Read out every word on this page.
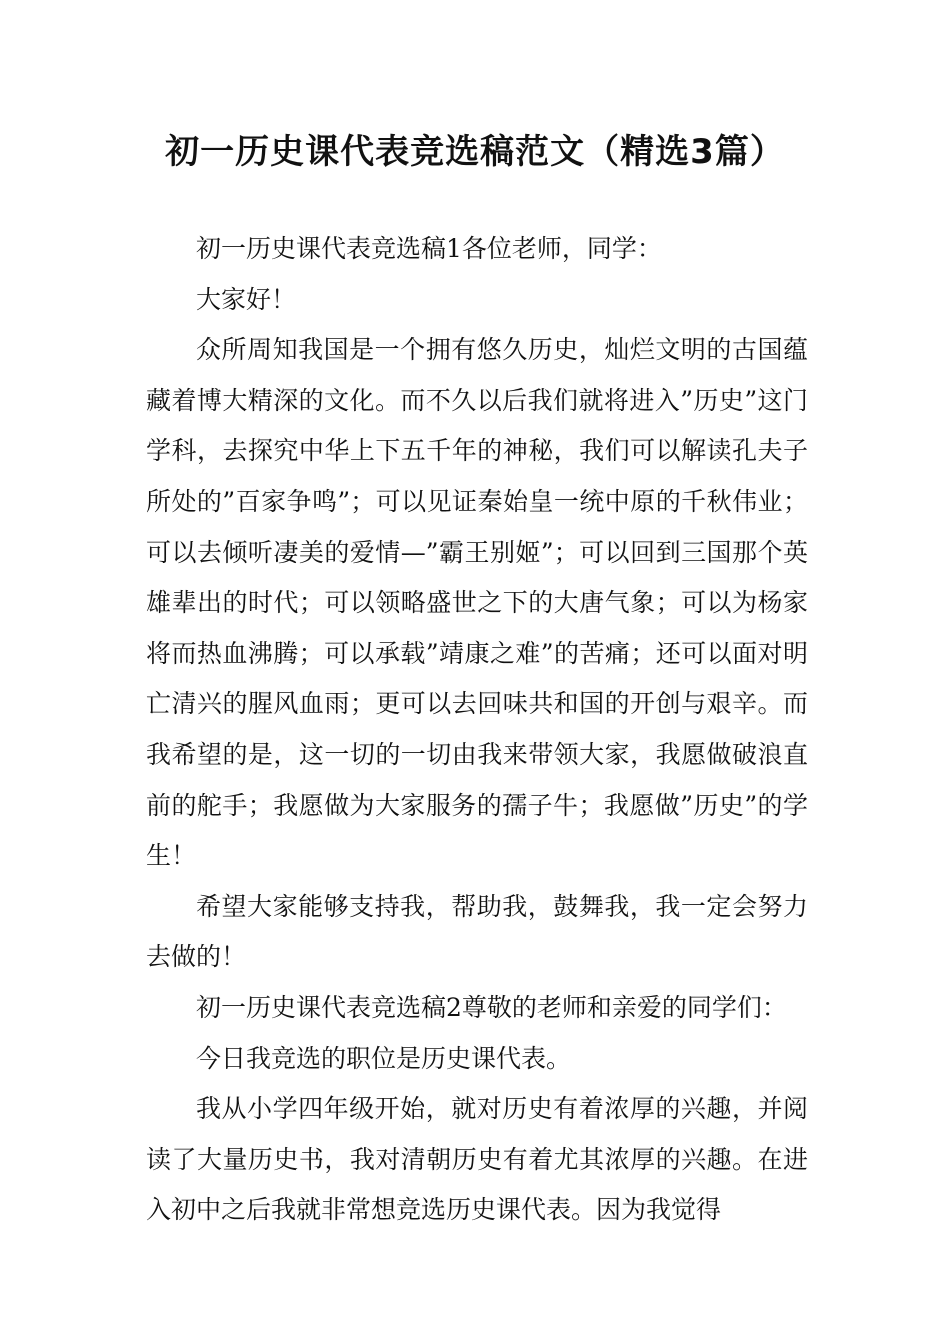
初一历史课代表竞选稿范文（精选3篇）

初一历史课代表竞选稿1各位老师，同学：

大家好！

众所周知我国是一个拥有悠久历史，灿烂文明的古国蕴藏着博大精深的文化。而不久以后我们就将进入”历史”这门学科，去探究中华上下五千年的神秘，我们可以解读孔夫子所处的”百家争鸣”；可以见证秦始皇一统中原的千秋伟业；可以去倾听凄美的爱情—”霸王别姬”；可以回到三国那个英雄辈出的时代；可以领略盛世之下的大唐气象；可以为杨家将而热血沸腾；可以承载”靖康之难”的苦痛；还可以面对明亡清兴的腥风血雨；更可以去回味共和国的开创与艰辛。而我希望的是，这一切的一切由我来带领大家，我愿做破浪直前的舵手；我愿做为大家服务的孺子牛；我愿做”历史”的学生！

希望大家能够支持我，帮助我，鼓舞我，我一定会努力去做的！

初一历史课代表竞选稿2尊敬的老师和亲爱的同学们：

今日我竞选的职位是历史课代表。

我从小学四年级开始，就对历史有着浓厚的兴趣，并阅读了大量历史书，我对清朝历史有着尤其浓厚的兴趣。在进入初中之后我就非常想竞选历史课代表。因为我觉得
